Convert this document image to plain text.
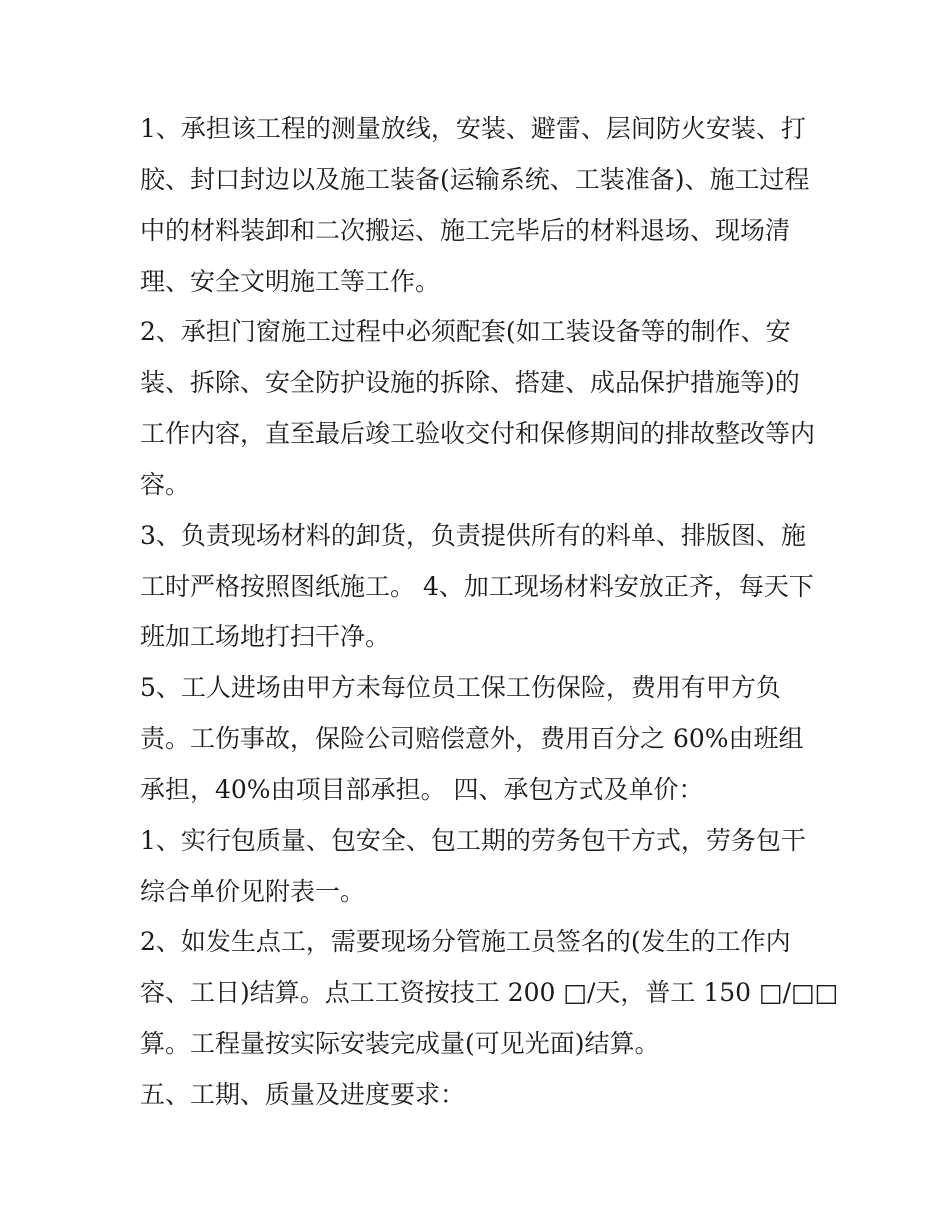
1、承担该工程的测量放线，安装、避雷、层间防火安装、打
胶、封口封边以及施工装备(运输系统、工装准备)、施工过程
中的材料装卸和二次搬运、施工完毕后的材料退场、现场清
理、安全文明施工等工作。
2、承担门窗施工过程中必须配套(如工装设备等的制作、安
装、拆除、安全防护设施的拆除、搭建、成品保护措施等)的
工作内容，直至最后竣工验收交付和保修期间的排故整改等内
容。
3、负责现场材料的卸货，负责提供所有的料单、排版图、施
工时严格按照图纸施工。 4、加工现场材料安放正齐，每天下
班加工场地打扫干净。
5、工人进场由甲方未每位员工保工伤保险，费用有甲方负
责。工伤事故，保险公司赔偿意外，费用百分之 60%由班组
承担，40%由项目部承担。 四、承包方式及单价：
1、实行包质量、包安全、包工期的劳务包干方式，劳务包干
综合单价见附表一。
2、如发生点工，需要现场分管施工员签名的(发生的工作内
容、工日)结算。点工工资按技工 200 □/天，普工 150 □/□□
算。工程量按实际安装完成量(可见光面)结算。
五、工期、质量及进度要求：
